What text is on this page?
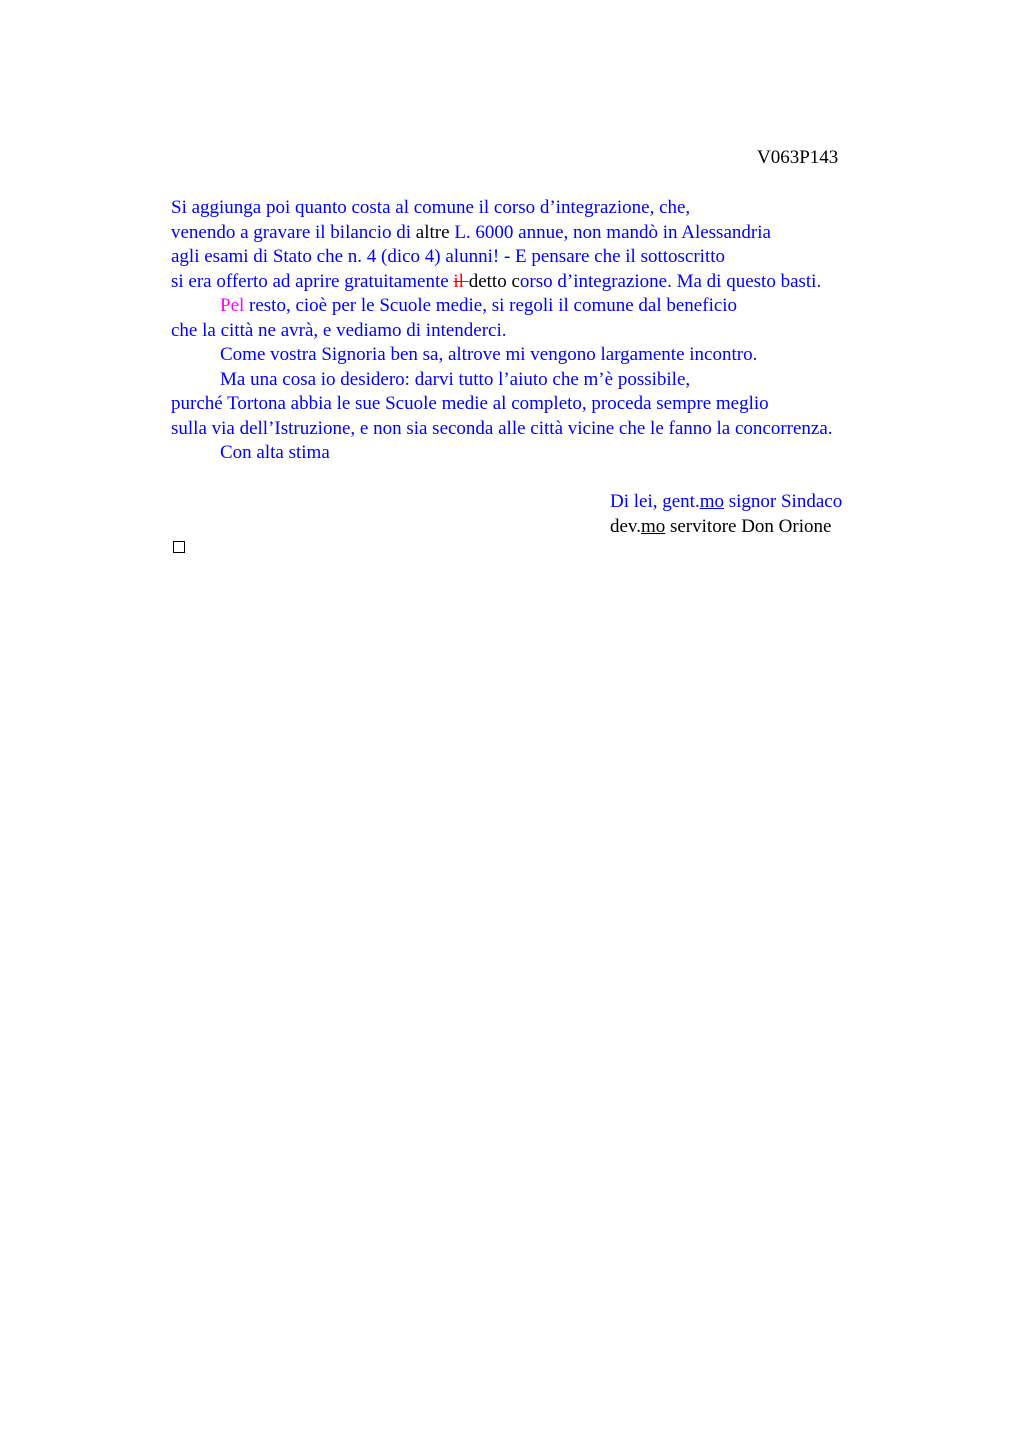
V063P143
Si aggiunga poi quanto costa al comune il corso d’integrazione, che,
venendo a gravare il bilancio di altre L. 6000 annue, non mandò in Alessandria
agli esami di Stato che n. 4 (dico 4) alunni! - E pensare che il sottoscritto
si era offerto ad aprire gratuitamente il detto corso d’integrazione. Ma di questo basti.
Pel resto, cioè per le Scuole medie, si regoli il comune dal beneficio
che la città ne avrà, e vediamo di intenderci.
Come vostra Signoria ben sa, altrove mi vengono largamente incontro.
Ma una cosa io desidero: darvi tutto l’aiuto che m’è possibile,
purché Tortona abbia le sue Scuole medie al completo, proceda sempre meglio
sulla via dell’Istruzione, e non sia seconda alle città vicine che le fanno la concorrenza.
Con alta stima
Di lei, gent.mo signor Sindaco
dev.mo servitore Don Orione
